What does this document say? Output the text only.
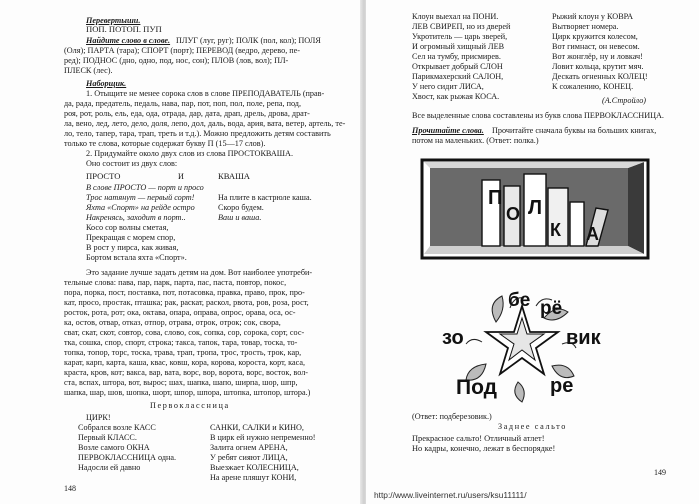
Перевертыши.
ПОП. ПОТОП. ПУП
Найдите слово в слове. ПЛУГ (луг, руг); ПОЛК (пол, кол); ПОЛЯ
(Оля); ПАРТА (тара); СПОРТ (порт); ПЕРЕВОД (ведро, дерево, пе-
ред); ПОДНОС (дно, одно, под, нос, сон); ПЛОВ (лов, вол); ПЛ-
ПЛЕСК (лес).
Наборщик.
1. Отыщите не менее сорока слов в слове ПРЕПОДАВАТЕЛЬ (прав-
да, рада, предатель, педаль, нава, пар, пот, поп, пол, поле, репа, под,
роя, рот, роль, ель, еда, ода, отрада, дар, дата, драп, дрель, дрова, драт-
ла, вено, лед, лето, дело, доля, лепо, дол, даль, вода, ария, вата, ветер, артель, те-
ло, тело, тапер, тара, трап, треть и т.д.). Можно предложить детям составить
только те слова, которые содержат букву П (15—17 слов).
2. Придумайте около двух слов из слова ПРОСТОКВАША.
Оно состоит из двух слов:
ПРОСТО	И	КВАША
В слове ПРОСТО — порт и просо
Трос натянут — первый сорт!
Яхта «Спорт» на рейде остро
Накренясь, заходит в порт..
Косо сор волны сметая,
Прекращая с морем спор,
В рост у пирса, как живая,
Бортом встала яхта «Спорт».
На плите в кастрюле каша.
Скоро будем.
Ваш и ваша.
Это задание лучше задать детям на дом. Вот наиболее употреби-
тельные слова: пава, пар, парк, парта, пас, паста, повтор, покос,
пора, порка, пост, поставка, пот, потасовка, правка, право, прок, про-
кат, просо, простак, пташка; рак, раскат, раскол, рвота, ров, роза, рост,
росток, рота, рот; ока, октава, опара, оправа, опрос, орава, оса, ос-
ка, остов, отвар, отказ, отпор, отрава, отрок, отрок; сок, свора,
сват, скат, скот, совтор, сова, слово, сок, сопка, сор, сорока, сорт, сос-
тка, сошка, спор, спорт, строка; такса, тапок, тара, товар, тоска, то-
топка, топор, торс, тоска, трава, трап, тропа, трос, трость, трок, кар,
карат, карп, карта, каша, квас, ковш, кора, корова, короста, корт, каса,
краста, кров, кот; вакса, вар, вата, ворс, вор, ворота, ворс, восток, вол-
ста, вспах, штора, вот, вырос; шах, шапка, шапо, ширпа, шор, шпр,
шапка, шар, шов, шопка, шорт, шпор, шпора, штопка, штопор, штора.)
Первоклассница
ЦИРК!
Собрался возле КАСС
Первый КЛАСС.
Возле самого ОКНА
ПЕРВОКЛАССНИЦА одна.
Надосли ей давно
САНКИ, САЛКИ и КИНО,
В цирк ей нужно непременно!
Залита огнем АРЕНА,
У ребят сияют ЛИЦА,
Выезжает КОЛЕСНИЦА,
На арене пляшут КОНИ,
148
Клоун выехал на ПОНИ.
ЛЕВ СВИРЕП, но из дверей
Укротитель — царь зверей,
И огромный хищный ЛЕВ
Сел на тумбу, присмирев.
Открывает добрый СЛОН
Парикмахерский САЛОН,
У него сидит ЛИСА,
Хвост, как рыжая КОСА.
Рыжий клоун у КОВРА
Вытворяет номера.
Цирк кружится колесом,
Вот гимнаст, он невесом.
Вот жонглёр, ну и ловкач!
Ловит кольца, крутит мяч.
Дескать огненных КОЛЕЦ!
К сожалению, КОНЕЦ.
(А.Стройло)
Все выделенные слова составлены из букв слова ПЕРВОКЛАССНИЦА.
Прочитайте слова. Прочитайте сначала буквы на больших книгах,
потом на маленьких. (Ответ: полка.)
П
О Л
К А
бе рё
зо	вик
Под	ре
(Ответ: подберезовик.)
Заднее сальто
Прекрасное сальто! Отличный атлет!
Но кадры, конечно, лежат в беспорядке!
149
http://www.liveinternet.ru/users/ksu11111/
